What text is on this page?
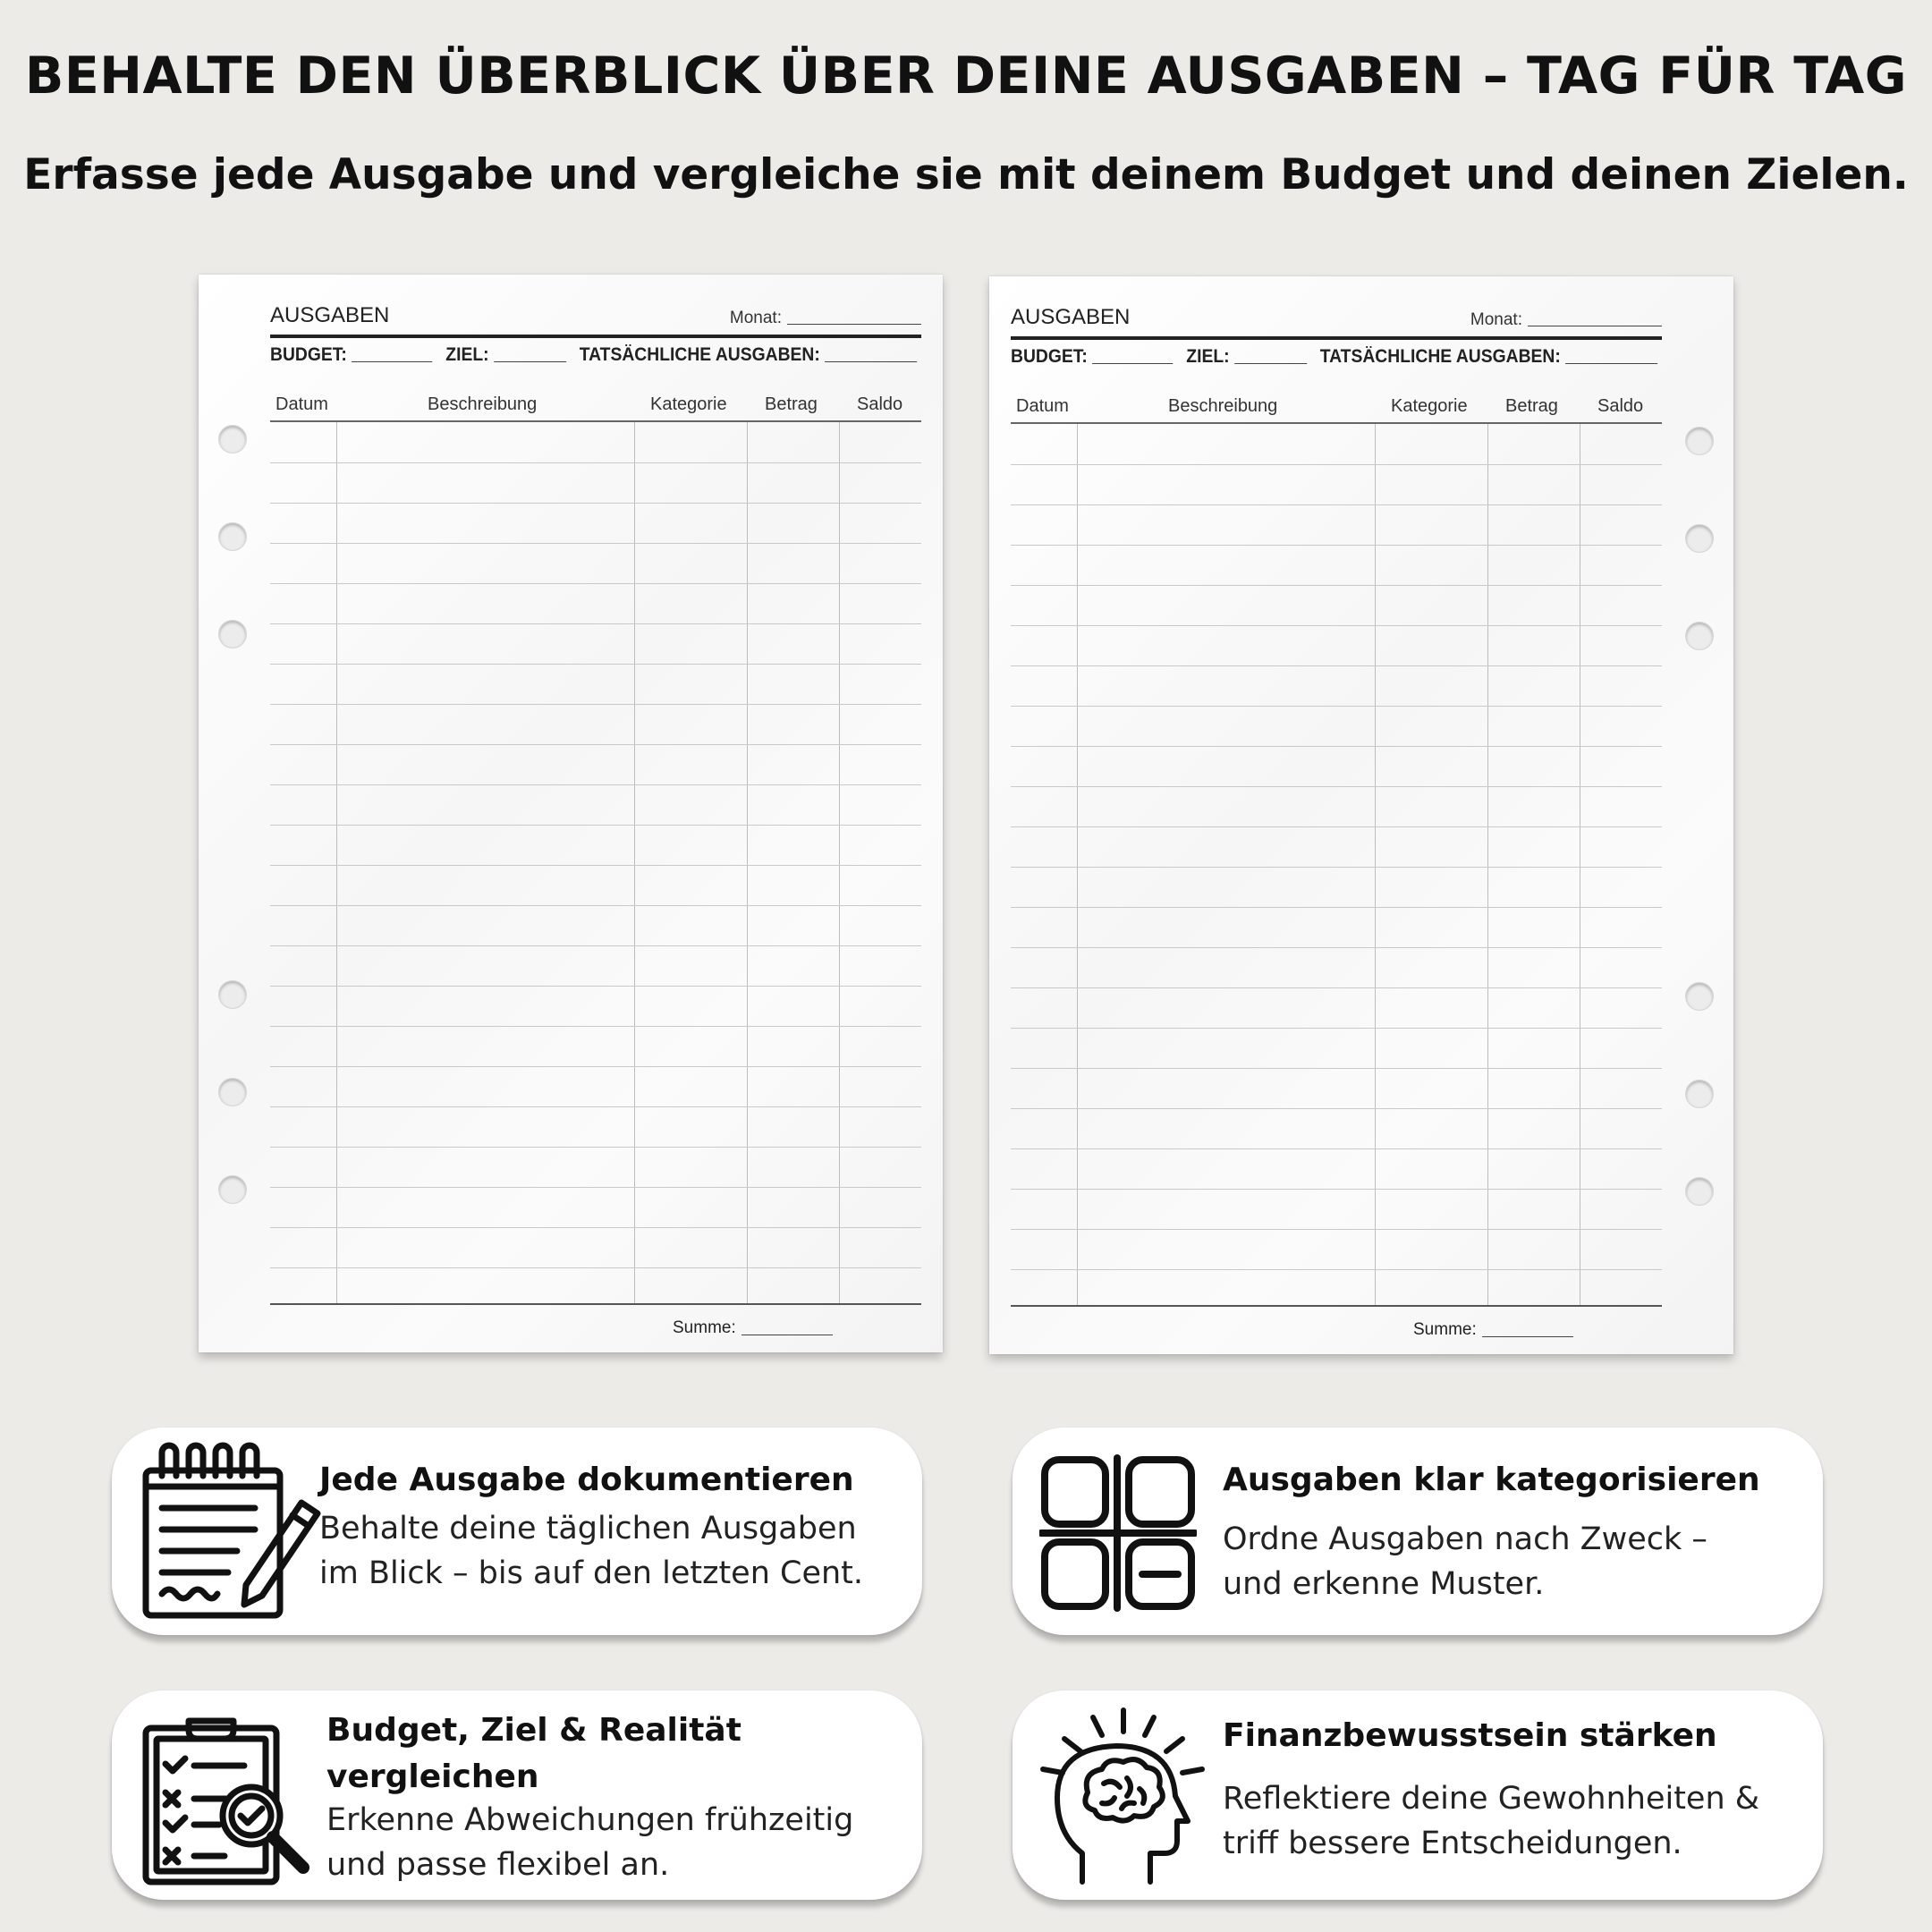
BEHALTE DEN ÜBERBLICK ÜBER DEINE AUSGABEN – TAG FÜR TAG
Erfasse jede Ausgabe und vergleiche sie mit deinem Budget und deinen Zielen.
AUSGABEN	Monat:
BUDGET:	ZIEL:	TATSÄCHLICHE AUSGABEN:
Datum	Beschreibung	Kategorie Betrag Saldo
Summe:
AUSGABEN	Monat:
BUDGET:	ZIEL:	TATSÄCHLICHE AUSGABEN:
Datum	Beschreibung	Kategorie Betrag Saldo
Summe:
Jede Ausgabe dokumentieren
Behalte deine täglichen Ausgaben
im Blick – bis auf den letzten Cent.
Ausgaben klar kategorisieren
Ordne Ausgaben nach Zweck –
und erkenne Muster.
Budget, Ziel & Realität
vergleichen
Erkenne Abweichungen frühzeitig
und passe flexibel an.
Finanzbewusstsein stärken
Reflektiere deine Gewohnheiten &
triff bessere Entscheidungen.
